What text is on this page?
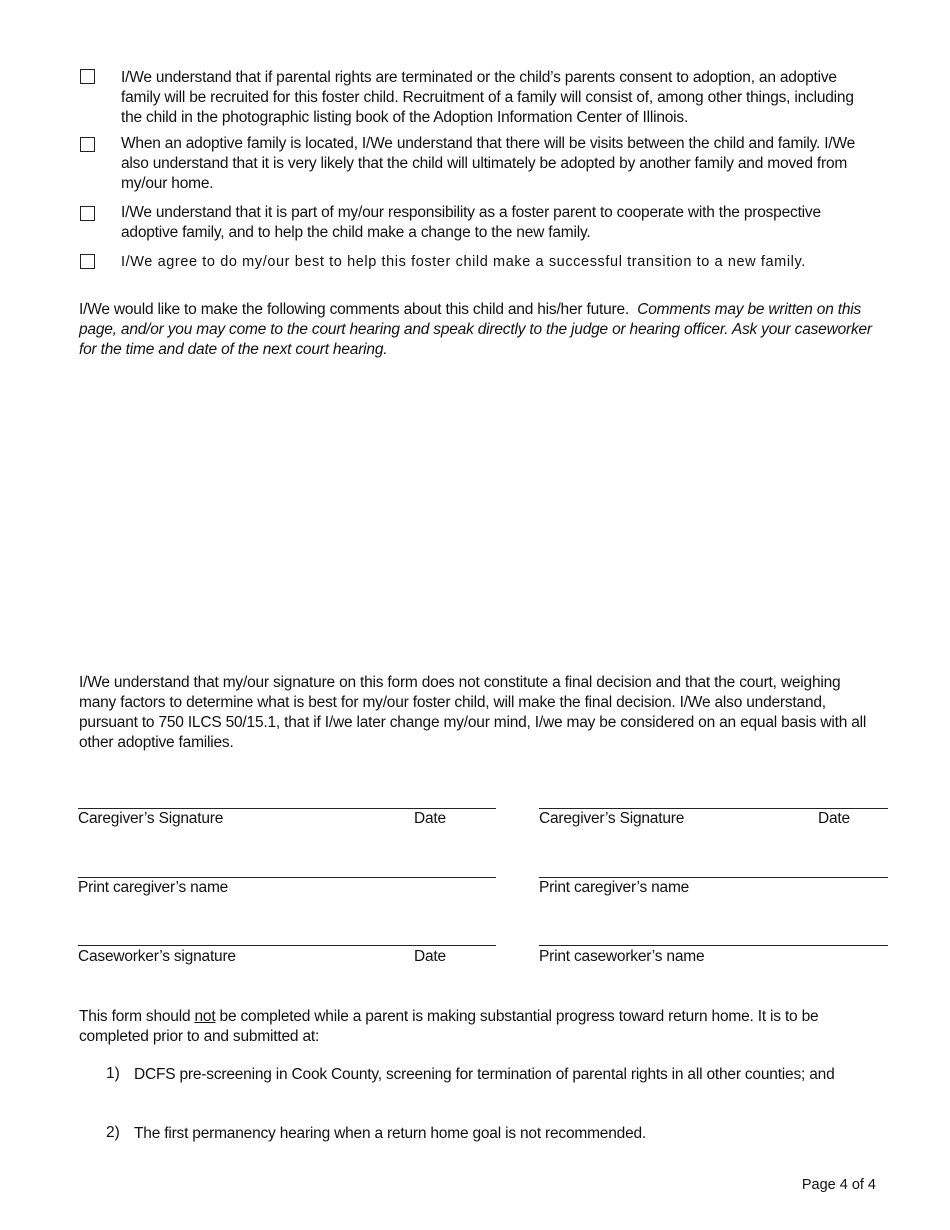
I/We understand that if parental rights are terminated or the child’s parents consent to adoption, an adoptive family will be recruited for this foster child. Recruitment of a family will consist of, among other things, including the child in the photographic listing book of the Adoption Information Center of Illinois.
When an adoptive family is located, I/We understand that there will be visits between the child and family. I/We also understand that it is very likely that the child will ultimately be adopted by another family and moved from my/our home.
I/We understand that it is part of my/our responsibility as a foster parent to cooperate with the prospective adoptive family, and to help the child make a change to the new family.
I/We agree to do my/our best to help this foster child make a successful transition to a new family.
I/We would like to make the following comments about this child and his/her future. Comments may be written on this page, and/or you may come to the court hearing and speak directly to the judge or hearing officer. Ask your caseworker for the time and date of the next court hearing.
I/We understand that my/our signature on this form does not constitute a final decision and that the court, weighing many factors to determine what is best for my/our foster child, will make the final decision. I/We also understand, pursuant to 750 ILCS 50/15.1, that if I/we later change my/our mind, I/we may be considered on an equal basis with all other adoptive families.
Caregiver’s Signature	Date	Caregiver’s Signature	Date
Print caregiver’s name	Print caregiver’s name
Caseworker’s signature	Date	Print caseworker’s name
This form should not be completed while a parent is making substantial progress toward return home. It is to be completed prior to and submitted at:
1) DCFS pre-screening in Cook County, screening for termination of parental rights in all other counties; and
2) The first permanency hearing when a return home goal is not recommended.
Page 4 of 4
